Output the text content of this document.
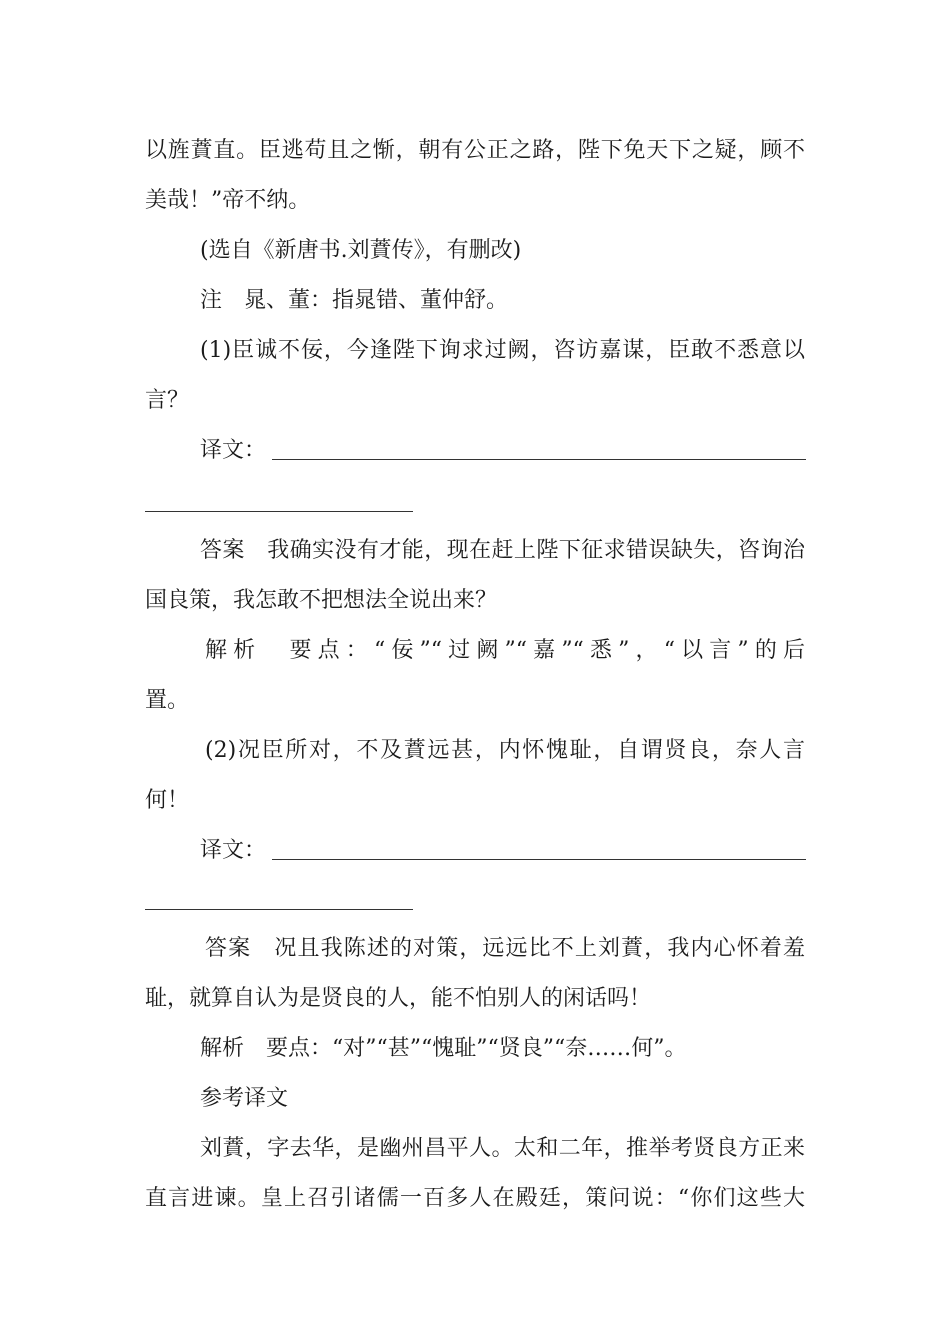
以旌蕡直。臣逃苟且之惭，朝有公正之路，陛下免天下之疑，顾不
美哉！”帝不纳。
(选自《新唐书.刘蕡传》，有删改)
注　晁、董：指晁错、董仲舒。
(1)臣诚不佞，今逢陛下询求过阙，咨访嘉谋，臣敢不悉意以
言？
译文：
答案　我确实没有才能，现在赶上陛下征求错误缺失，咨询治
国良策，我怎敢不把想法全说出来？
解析　要点：“佞”“过阙”“嘉”“悉”，“以言”的后
置。
(2)况臣所对，不及蕡远甚，内怀愧耻，自谓贤良，奈人言
何！
译文：
答案　况且我陈述的对策，远远比不上刘蕡，我内心怀着羞
耻，就算自认为是贤良的人，能不怕别人的闲话吗！
解析　要点：“对”“甚”“愧耻”“贤良”“奈……何”。
参考译文
刘蕡，字去华，是幽州昌平人。太和二年，推举考贤良方正来
直言进谏。皇上召引诸儒一百多人在殿廷，策问说：“你们这些大
